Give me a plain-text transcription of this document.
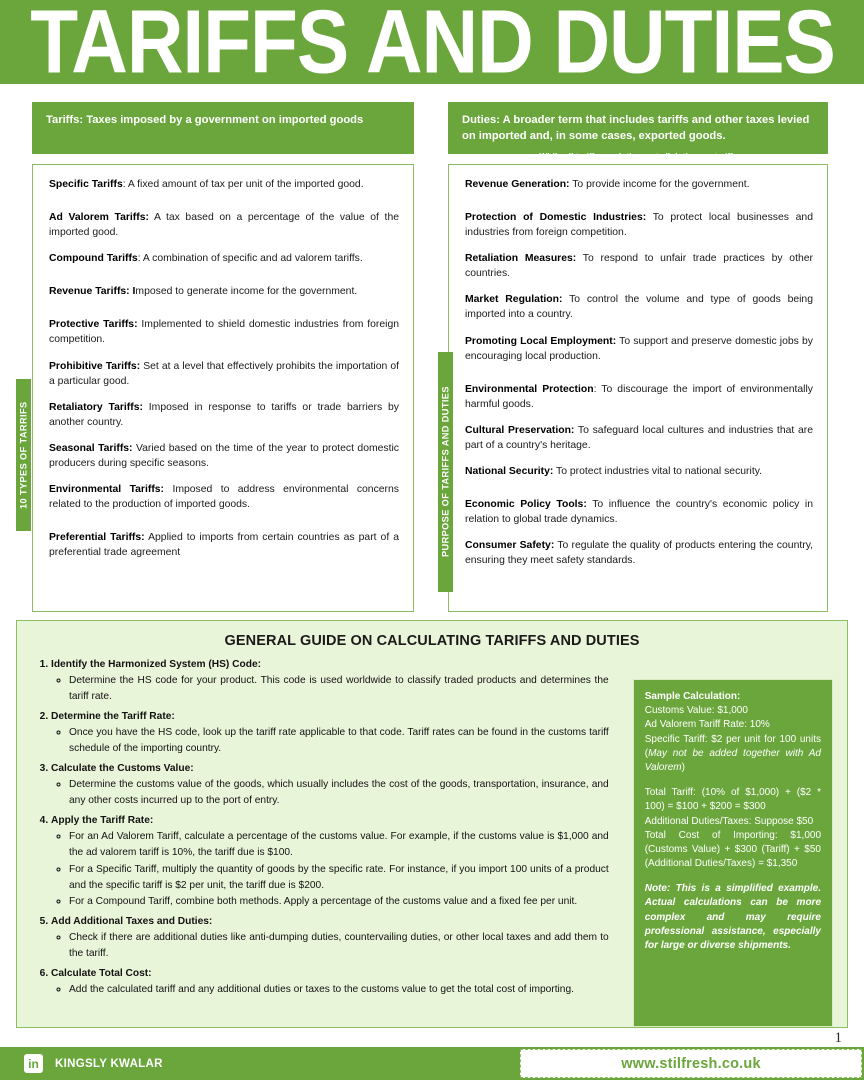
TARIFFS AND DUTIES
Tariffs: Taxes imposed by a government on imported goods	Duties: A broader term that includes tariffs and other taxes levied on imported and, in some cases, exported goods.
While all tariffs are duties, not all duties are tariffs.

Specific Tariffs: A fixed amount of tax per unit of the imported good.

Ad Valorem Tariffs: A tax based on a percentage of the value of the imported good.

Compound Tariffs: A combination of specific and ad valorem tariffs.

Revenue Tariffs: Imposed to generate income for the government.

Protective Tariffs: Implemented to shield domestic industries from foreign competition.

Prohibitive Tariffs: Set at a level that effectively prohibits the importation of a particular good.

Retaliatory Tariffs: Imposed in response to tariffs or trade barriers by another country.

Seasonal Tariffs: Varied based on the time of the year to protect domestic producers during specific seasons.

Environmental Tariffs: Imposed to address environmental concerns related to the production of imported goods.

Preferential Tariffs: Applied to imports from certain countries as part of a preferential trade agreement

Revenue Generation: To provide income for the government.

Protection of Domestic Industries: To protect local businesses and industries from foreign competition.

Retaliation Measures: To respond to unfair trade practices by other countries.

Market Regulation: To control the volume and type of goods being imported into a country.

Promoting Local Employment: To support and preserve domestic jobs by encouraging local production.

Environmental Protection: To discourage the import of environmentally harmful goods.

Cultural Preservation: To safeguard local cultures and industries that are part of a country's heritage.

National Security: To protect industries vital to national security.

Economic Policy Tools: To influence the country's economic policy in relation to global trade dynamics.

Consumer Safety: To regulate the quality of products entering the country, ensuring they meet safety standards.

10 TYPES OF TARRIFS	PURPOSE OF TARIFFS AND DUTIES
GENERAL GUIDE ON CALCULATING TARIFFS AND DUTIES
1. Identify the Harmonized System (HS) Code:
◦ Determine the HS code for your product. This code is used worldwide to classify traded products and determines the tariff rate.
2. Determine the Tariff Rate:
◦ Once you have the HS code, look up the tariff rate applicable to that code. Tariff rates can be found in the customs tariff schedule of the importing country.
3. Calculate the Customs Value:
◦ Determine the customs value of the goods, which usually includes the cost of the goods, transportation, insurance, and any other costs incurred up to the port of entry.
4. Apply the Tariff Rate:
◦ For an Ad Valorem Tariff, calculate a percentage of the customs value. For example, if the customs value is $1,000 and the ad valorem tariff is 10%, the tariff due is $100.
◦ For a Specific Tariff, multiply the quantity of goods by the specific rate. For instance, if you import 100 units of a product and the specific tariff is $2 per unit, the tariff due is $200.
◦ For a Compound Tariff, combine both methods. Apply a percentage of the customs value and a fixed fee per unit.
5. Add Additional Taxes and Duties:
◦ Check if there are additional duties like anti-dumping duties, countervailing duties, or other local taxes and add them to the tariff.
6. Calculate Total Cost:
◦ Add the calculated tariff and any additional duties or taxes to the customs value to get the total cost of importing.

Sample Calculation:

Customs Value: $1,000

Ad Valorem Tariff Rate: 10%

Specific Tariff: $2 per unit for 100 units (May not be added together with Ad Valorem)

Total Tariff: (10% of $1,000) + ($2 * 100) = $100 + $200 = $300

Additional Duties/Taxes: Suppose $50

Total Cost of Importing: $1,000 (Customs Value) + $300 (Tariff) + $50 (Additional Duties/Taxes) = $1,350

Note: This is a simplified example. Actual calculations can be more complex and may require professional assistance, especially for large or diverse shipments.

1
in	KINGSLY KWALAR	www.stilfresh.co.uk
